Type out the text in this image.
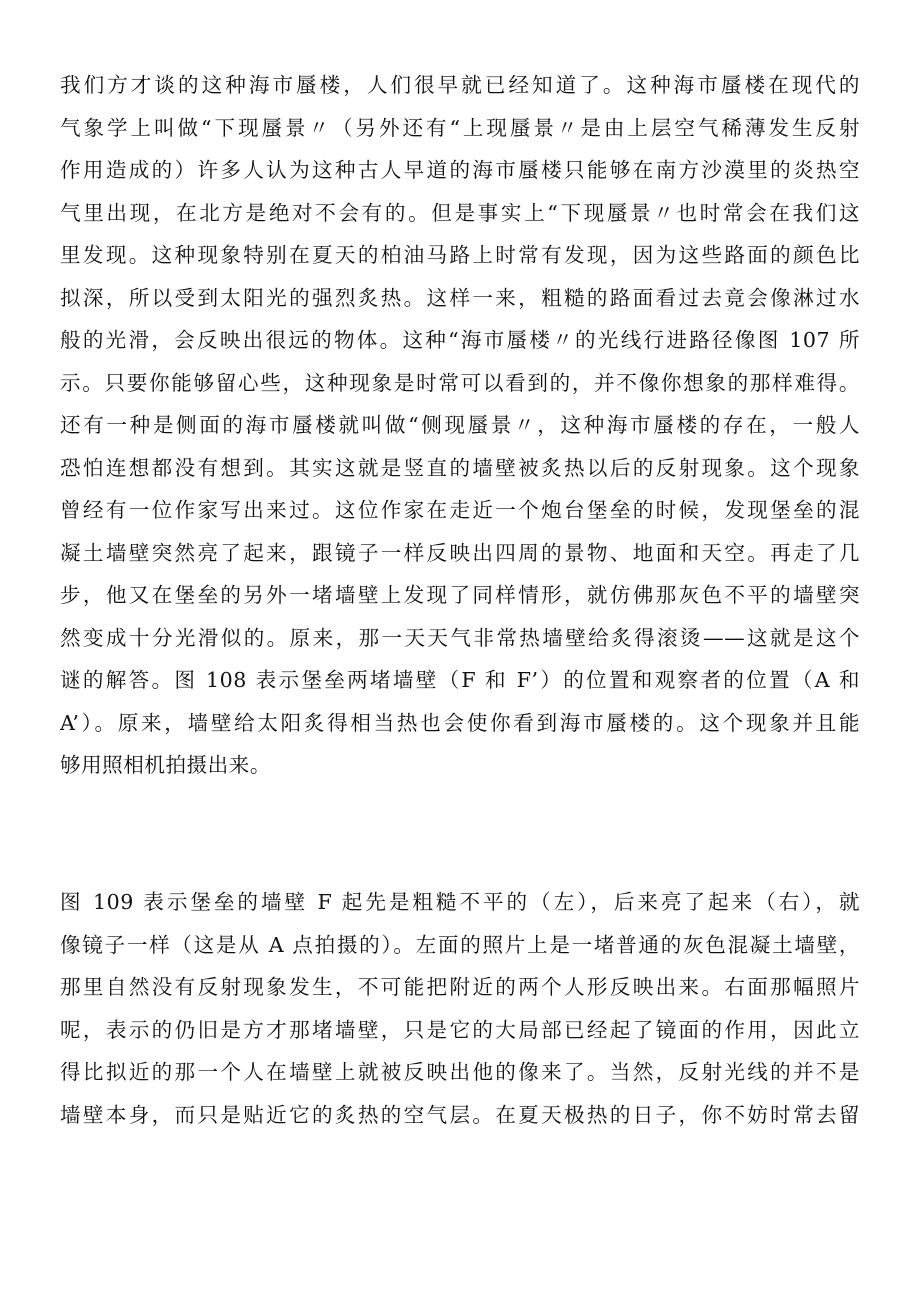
我们方才谈的这种海市蜃楼，人们很早就已经知道了。这种海市蜃楼在现代的
气象学上叫做“下现蜃景〃（另外还有“上现蜃景〃是由上层空气稀薄发生反射
作用造成的）许多人认为这种古人早道的海市蜃楼只能够在南方沙漠里的炎热空
气里出现，在北方是绝对不会有的。但是事实上“下现蜃景〃也时常会在我们这
里发现。这种现象特别在夏天的柏油马路上时常有发现，因为这些路面的颜色比
拟深，所以受到太阳光的强烈炙热。这样一来，粗糙的路面看过去竟会像淋过水
般的光滑，会反映出很远的物体。这种“海市蜃楼〃的光线行进路径像图 107 所
示。只要你能够留心些，这种现象是时常可以看到的，并不像你想象的那样难得。
还有一种是侧面的海市蜃楼就叫做“侧现蜃景〃，这种海市蜃楼的存在，一般人
恐怕连想都没有想到。其实这就是竖直的墙壁被炙热以后的反射现象。这个现象
曾经有一位作家写出来过。这位作家在走近一个炮台堡垒的时候，发现堡垒的混
凝土墙壁突然亮了起来，跟镜子一样反映出四周的景物、地面和天空。再走了几
步，他又在堡垒的另外一堵墙壁上发现了同样情形，就仿佛那灰色不平的墙壁突
然变成十分光滑似的。原来，那一天天气非常热墙壁给炙得滚烫——这就是这个
谜的解答。图 108 表示堡垒两堵墙壁（F 和 F’）的位置和观察者的位置（A 和
A’）。原来，墙壁给太阳炙得相当热也会使你看到海市蜃楼的。这个现象并且能
够用照相机拍摄出来。
图 109 表示堡垒的墙壁 F 起先是粗糙不平的（左），后来亮了起来（右），就
像镜子一样（这是从 A 点拍摄的）。左面的照片上是一堵普通的灰色混凝土墙壁，
那里自然没有反射现象发生，不可能把附近的两个人形反映出来。右面那幅照片
呢，表示的仍旧是方才那堵墙壁，只是它的大局部已经起了镜面的作用，因此立
得比拟近的那一个人在墙壁上就被反映出他的像来了。当然，反射光线的并不是
墙壁本身，而只是贴近它的炙热的空气层。在夏天极热的日子，你不妨时常去留
